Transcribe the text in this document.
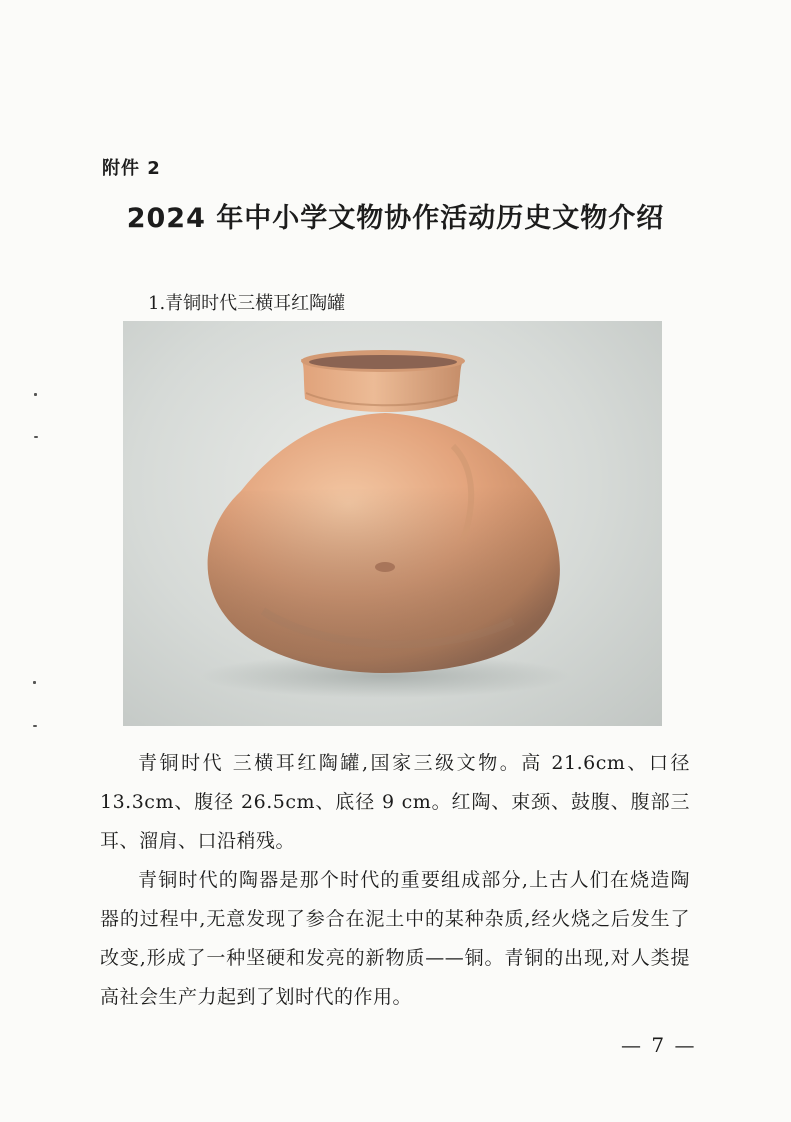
附件 2
2024 年中小学文物协作活动历史文物介绍
1.青铜时代三横耳红陶罐
青铜时代 三横耳红陶罐,国家三级文物。高 21.6cm、口径 13.3cm、腹径 26.5cm、底径 9 cm。红陶、束颈、鼓腹、腹部三耳、溜肩、口沿稍残。
青铜时代的陶器是那个时代的重要组成部分,上古人们在烧造陶器的过程中,无意发现了参合在泥土中的某种杂质,经火烧之后发生了改变,形成了一种坚硬和发亮的新物质——铜。青铜的出现,对人类提高社会生产力起到了划时代的作用。
— 7 —
